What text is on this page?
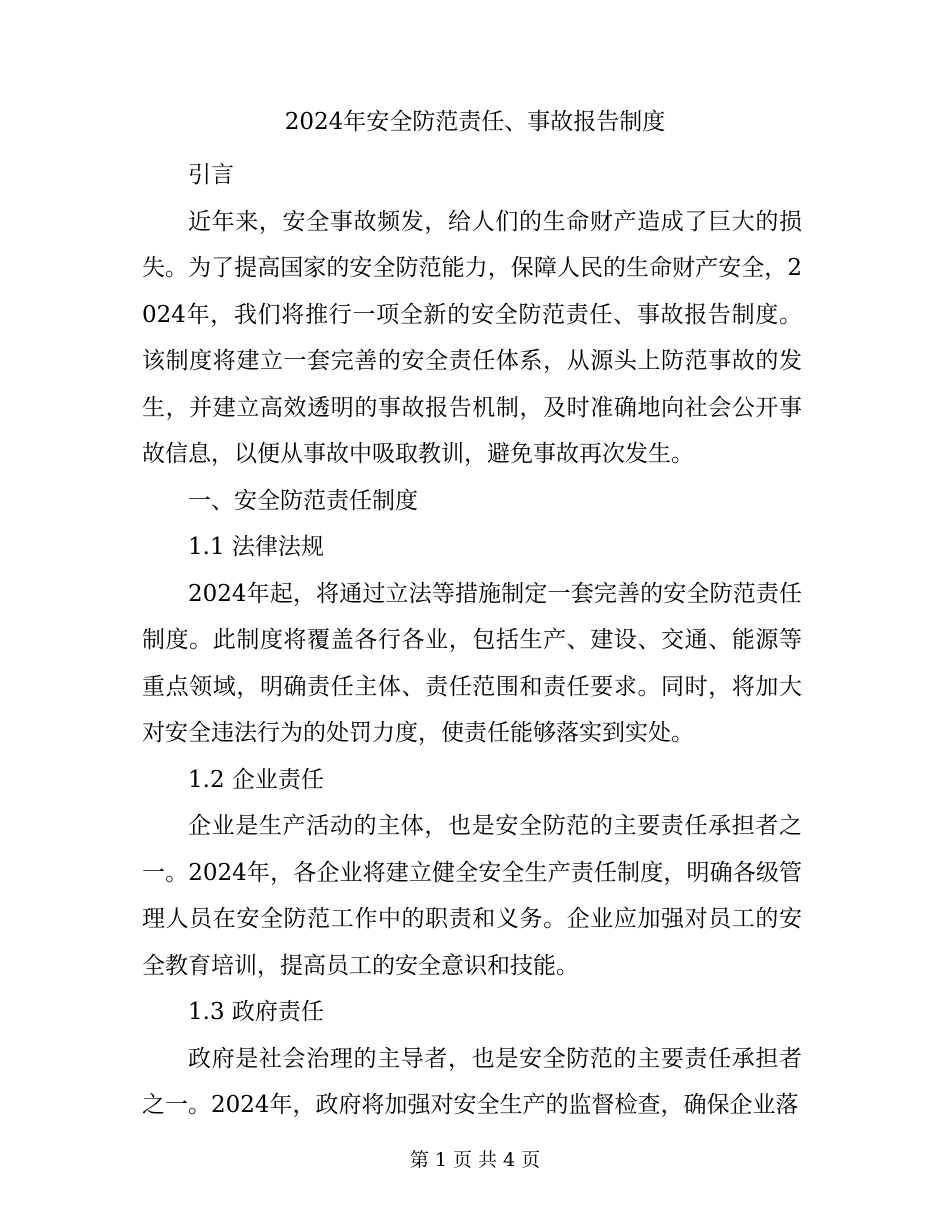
2024年安全防范责任、事故报告制度

引言

近年来，安全事故频发，给人们的生命财产造成了巨大的损失。为了提高国家的安全防范能力，保障人民的生命财产安全，2024年，我们将推行一项全新的安全防范责任、事故报告制度。该制度将建立一套完善的安全责任体系，从源头上防范事故的发生，并建立高效透明的事故报告机制，及时准确地向社会公开事故信息，以便从事故中吸取教训，避免事故再次发生。

一、安全防范责任制度

1.1 法律法规

2024年起，将通过立法等措施制定一套完善的安全防范责任制度。此制度将覆盖各行各业，包括生产、建设、交通、能源等重点领域，明确责任主体、责任范围和责任要求。同时，将加大对安全违法行为的处罚力度，使责任能够落实到实处。

1.2 企业责任

企业是生产活动的主体，也是安全防范的主要责任承担者之一。2024年，各企业将建立健全安全生产责任制度，明确各级管理人员在安全防范工作中的职责和义务。企业应加强对员工的安全教育培训，提高员工的安全意识和技能。

1.3 政府责任

政府是社会治理的主导者，也是安全防范的主要责任承担者之一。2024年，政府将加强对安全生产的监督检查，确保企业落

第 1 页 共 4 页
